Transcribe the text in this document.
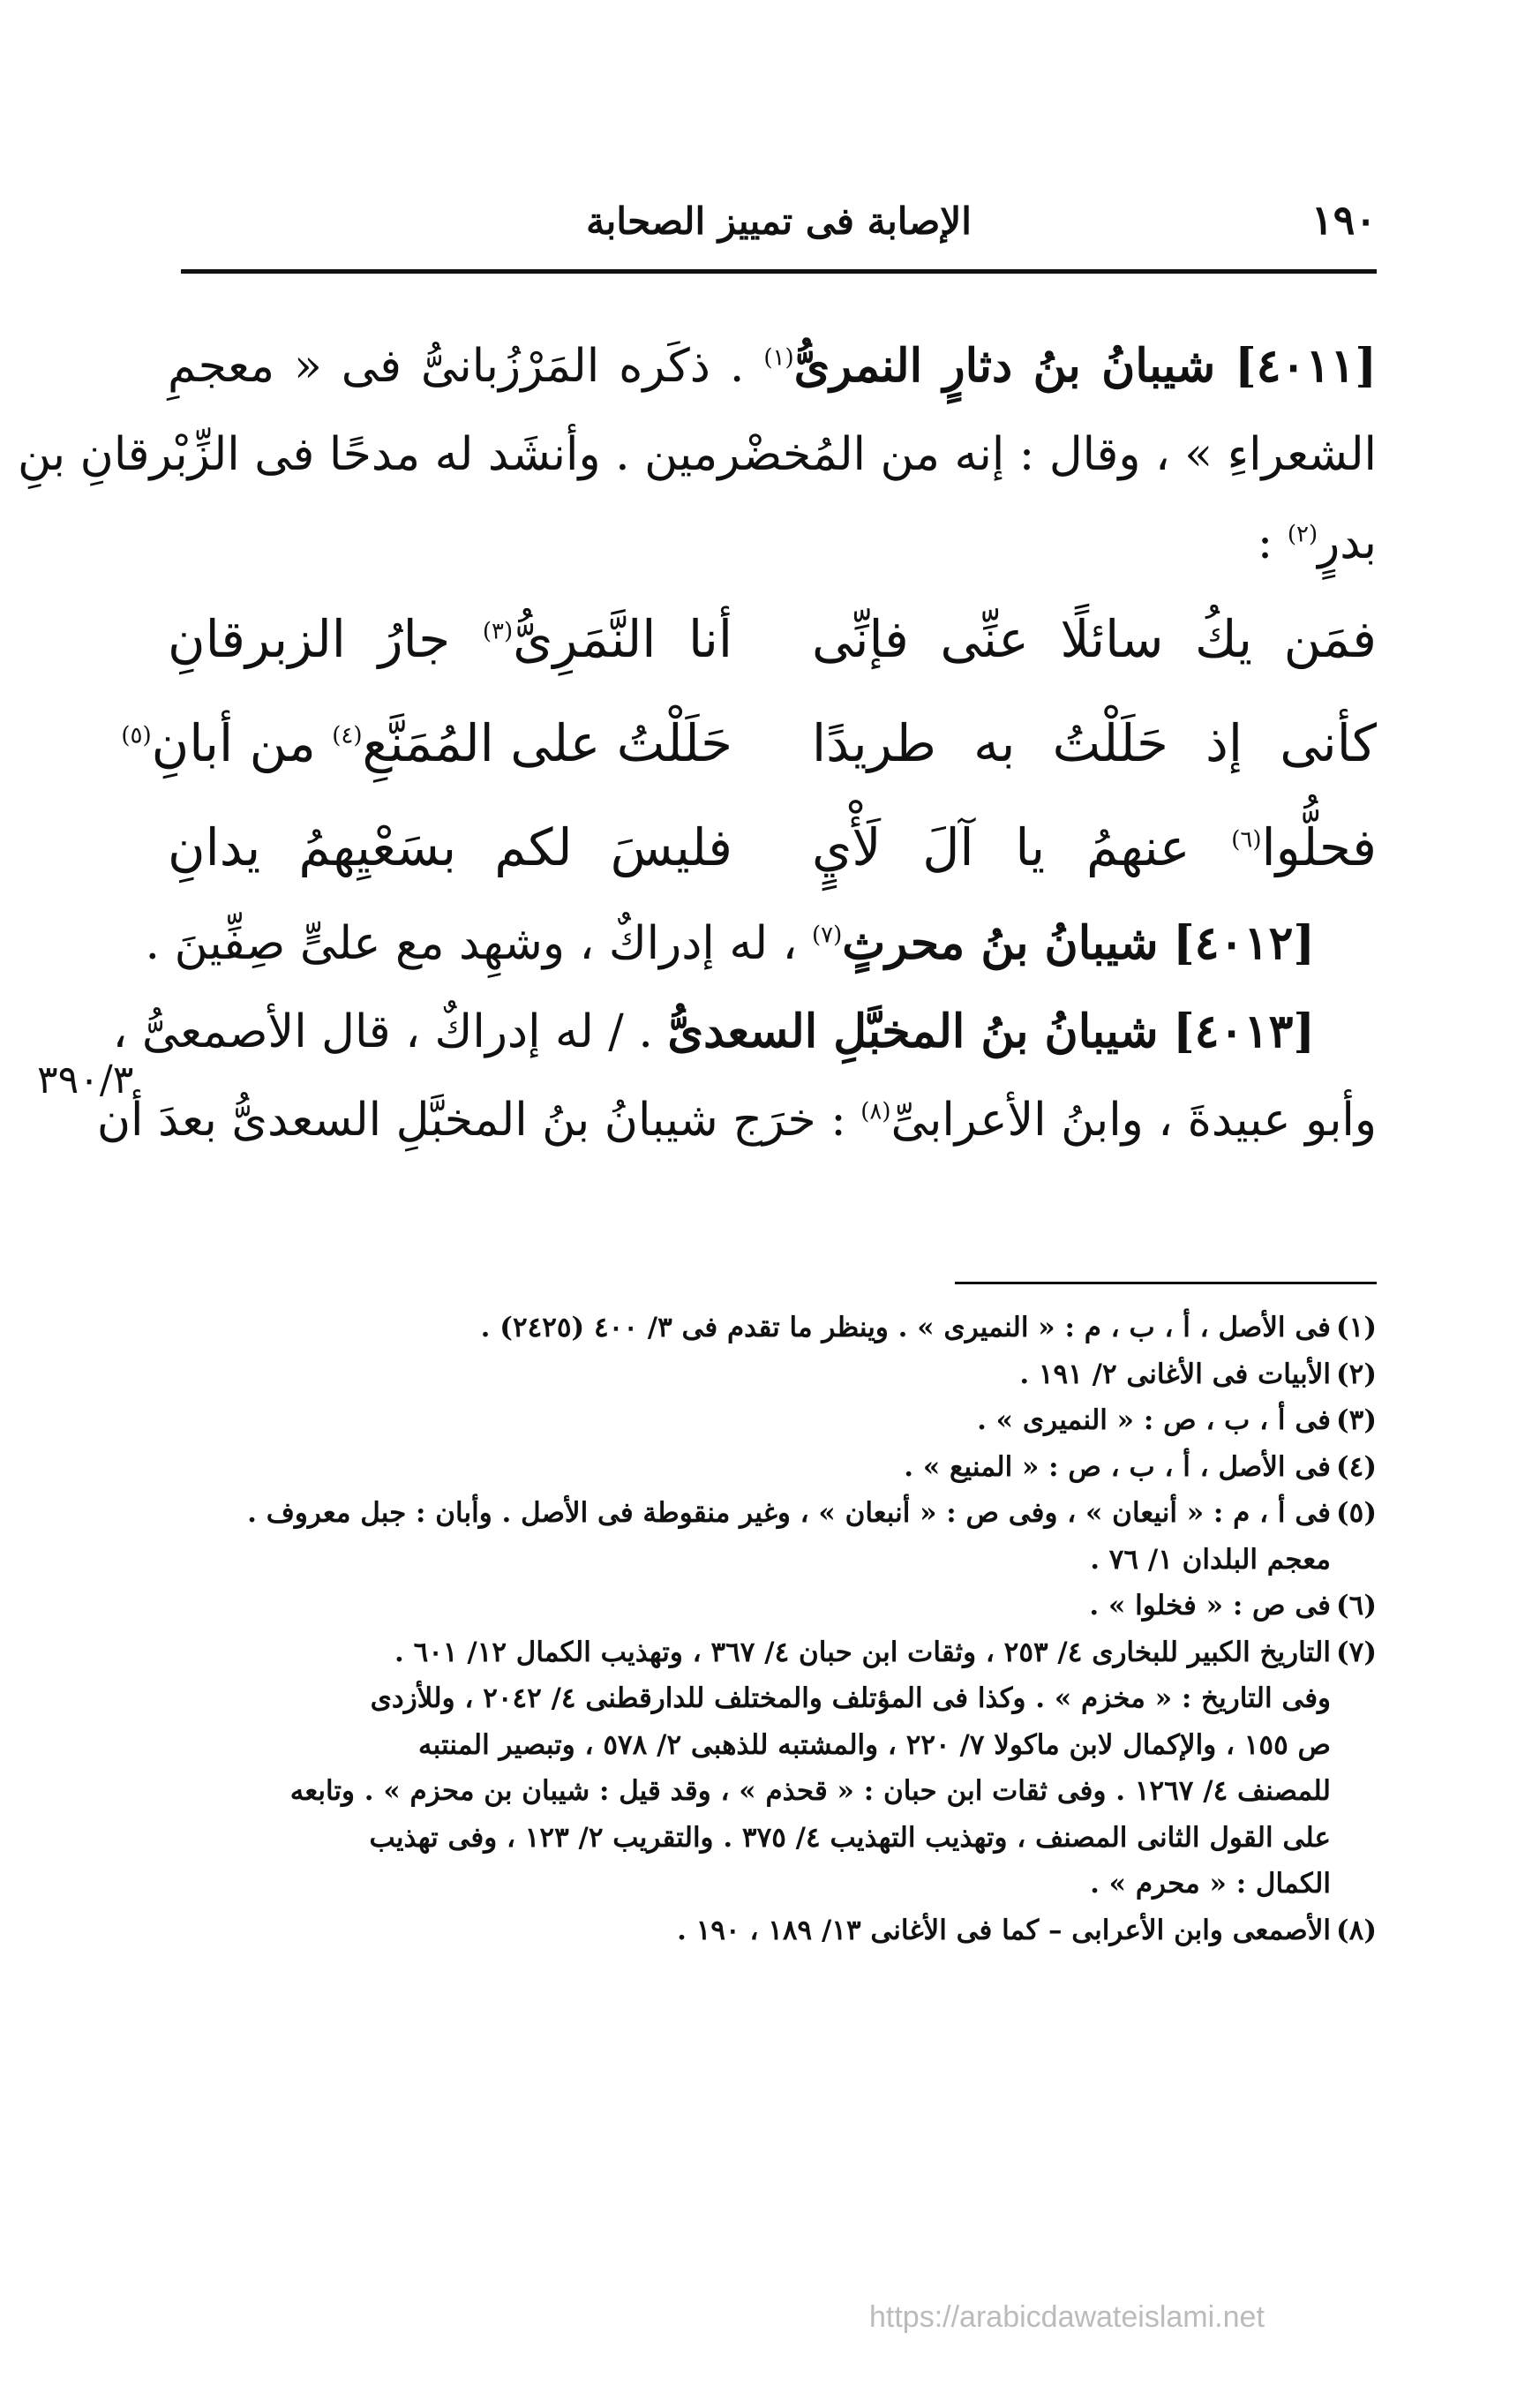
١٩٠
الإصابة فى تمييز الصحابة
٣٩٠/٣
[٤٠١١] شيبانُ بنُ دثارٍ النمرىُّ$^{(١)}$ . ذكَره المَرْزُبانىُّ فى « معجمِ
الشعراءِ » ، وقال : إنه من المُخضْرمين . وأنشَد له مدحًا فى الزِّبْرقانِ بنِ
بدرٍ$^{(٢)}$ :
فمَن يكُ سائلًا عنِّى فإنِّى
أنا النَّمَرِىُّ$^{(٣)}$ جارُ الزبرقانِ
كأنى إذ حَلَلْتُ به طريدًا
حَلَلْتُ على المُمَنَّعِ$^{(٤)}$ من أبانِ$^{(٥)}$
فحلُّوا$^{(٦)}$ عنهمُ يا آلَ لَأْيٍ
فليسَ لكم بسَعْيِهمُ يدانِ
[٤٠١٢] شيبانُ بنُ محرثٍ$^{(٧)}$ ، له إدراكٌ ، وشهِد مع علىٍّ صِفِّينَ .
[٤٠١٣] شيبانُ بنُ المخبَّلِ السعدىُّ . / له إدراكٌ ، قال الأصمعىُّ ،
وأبو عبيدةَ ، وابنُ الأعرابىِّ$^{(٨)}$ : خرَج شيبانُ بنُ المخبَّلِ السعدىُّ بعدَ أن
(١)فى الأصل ، أ ، ب ، م : « النميرى » . وينظر ما تقدم فى ٣/ ٤٠٠ (٢٤٢٥) .
(٢)الأبيات فى الأغانى ٢/ ١٩١ .
(٣)فى أ ، ب ، ص : « النميرى » .
(٤)فى الأصل ، أ ، ب ، ص : « المنيع » .
(٥)فى أ ، م : « أنيعان » ، وفى ص : « أنبعان » ، وغير منقوطة فى الأصل . وأبان : جبل معروف .
معجم البلدان ١/ ٧٦ .
(٦)فى ص : « فخلوا » .
(٧)التاريخ الكبير للبخارى ٤/ ٢٥٣ ، وثقات ابن حبان ٤/ ٣٦٧ ، وتهذيب الكمال ١٢/ ٦٠١ .
وفى التاريخ : « مخزم » . وكذا فى المؤتلف والمختلف للدارقطنى ٤/ ٢٠٤٢ ، وللأزدى
ص ١٥٥ ، والإكمال لابن ماكولا ٧/ ٢٢٠ ، والمشتبه للذهبى ٢/ ٥٧٨ ، وتبصير المنتبه
للمصنف ٤/ ١٢٦٧ . وفى ثقات ابن حبان : « قحذم » ، وقد قيل : شيبان بن محزم » . وتابعه
على القول الثانى المصنف ، وتهذيب التهذيب ٤/ ٣٧٥ . والتقريب ٢/ ١٢٣ ، وفى تهذيب
الكمال : « محرم » .
(٨)الأصمعى وابن الأعرابى – كما فى الأغانى ١٣/ ١٨٩ ، ١٩٠ .
https://arabicdawateislami.net
